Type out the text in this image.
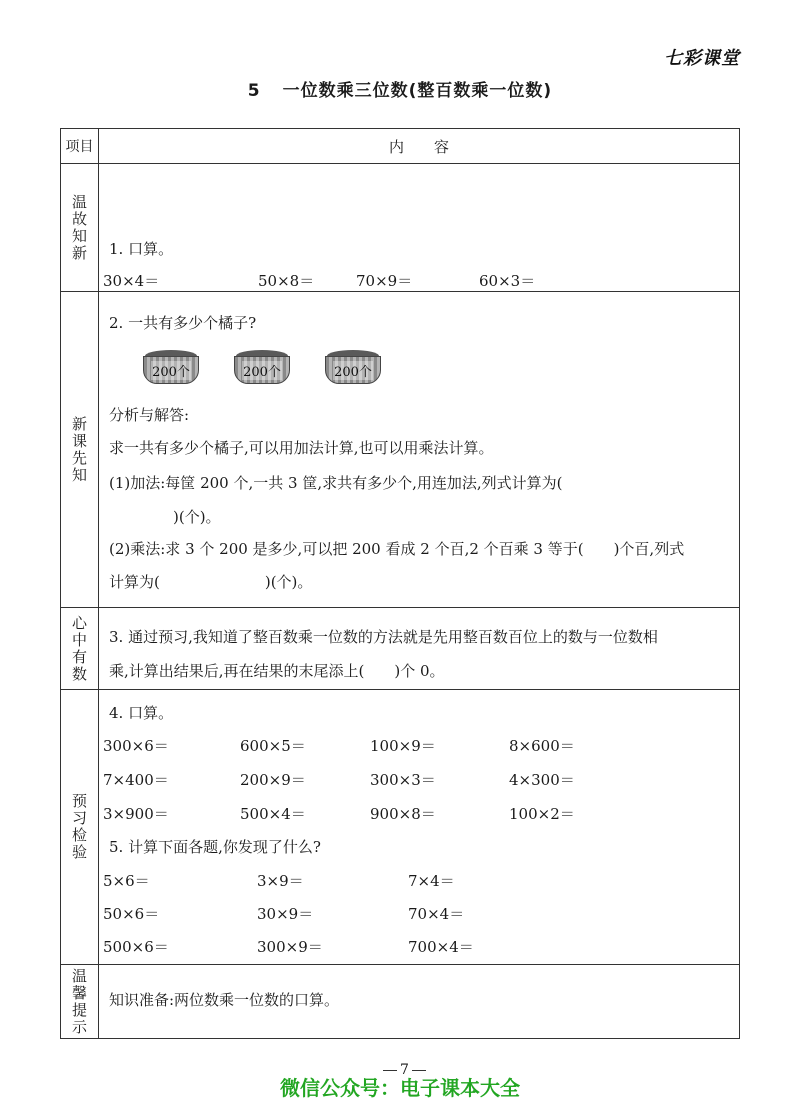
七彩课堂
5 一位数乘三位数(整百数乘一位数)
项目	内　　容
温故知新 1. 口算。
30×4＝	50×8＝	70×9＝	60×3＝
新课先知
2. 一共有多少个橘子?
200个	200个	200个
分析与解答:
求一共有多少个橘子,可以用加法计算,也可以用乘法计算。
(1)加法:每筐 200 个,一共 3 筐,求共有多少个,用连加法,列式计算为(
)(个)。
(2)乘法:求 3 个 200 是多少,可以把 200 看成 2 个百,2 个百乘 3 等于(　　)个百,列式
计算为(　　　　　　　)(个)。
心中有数 3. 通过预习,我知道了整百数乘一位数的方法就是先用整百数百位上的数与一位数相
乘,计算出结果后,再在结果的末尾添上(　　)个 0。
预习检验
4. 口算。
300×6＝	600×5＝	100×9＝	8×600＝
7×400＝	200×9＝	300×3＝	4×300＝
3×900＝	500×4＝	900×8＝	100×2＝
5. 计算下面各题,你发现了什么?
5×6＝	3×9＝	7×4＝
50×6＝	30×9＝	70×4＝
500×6＝	300×9＝	700×4＝
温馨提示 知识准备:两位数乘一位数的口算。
7
微信公众号：电子课本大全
